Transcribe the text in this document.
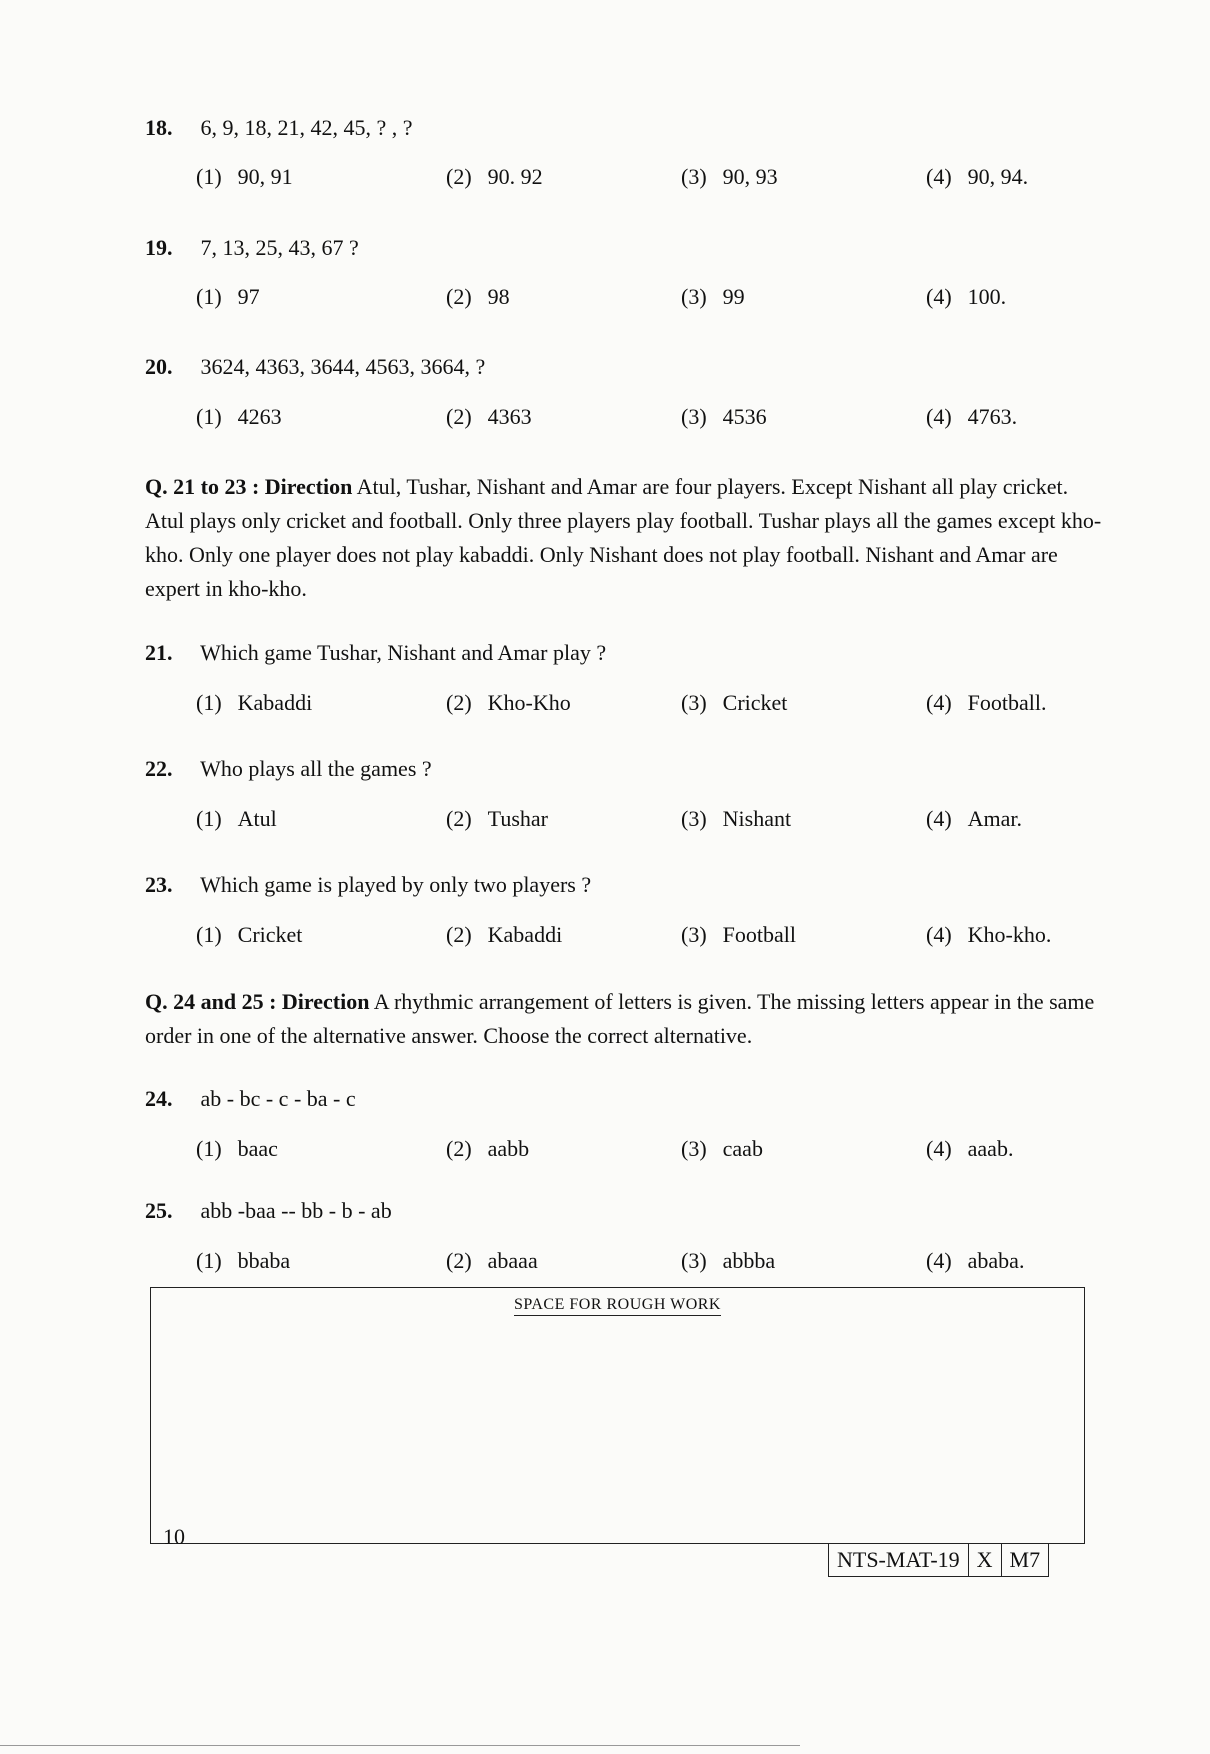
18. 6, 9, 18, 21, 42, 45, ? , ?
(1) 90, 91	(2) 90. 92	(3) 90, 93	(4) 90, 94.
19. 7, 13, 25, 43, 67 ?
(1) 97	(2) 98	(3) 99	(4) 100.
20. 3624, 4363, 3644, 4563, 3664, ?
(1) 4263	(2) 4363	(3) 4536	(4) 4763.
Q. 21 to 23 : Direction Atul, Tushar, Nishant and Amar are four players. Except Nishant all play cricket. Atul plays only cricket and football. Only three players play football. Tushar plays all the games except kho-kho. Only one player does not play kabaddi. Only Nishant does not play football. Nishant and Amar are expert in kho-kho.
21. Which game Tushar, Nishant and Amar play ?
(1) Kabaddi	(2) Kho-Kho	(3) Cricket	(4) Football.
22. Who plays all the games ?
(1) Atul	(2) Tushar	(3) Nishant	(4) Amar.
23. Which game is played by only two players ?
(1) Cricket	(2) Kabaddi	(3) Football	(4) Kho-kho.
Q. 24 and 25 : Direction A rhythmic arrangement of letters is given. The missing letters appear in the same order in one of the alternative answer. Choose the correct alternative.
24. ab - bc - c - ba - c
(1) baac	(2) aabb	(3) caab	(4) aaab.
25. abb -baa -- bb - b - ab
(1) bbaba	(2) abaaa	(3) abbba	(4) ababa.
SPACE FOR ROUGH WORK
10
NTS-MAT-19 X M7
